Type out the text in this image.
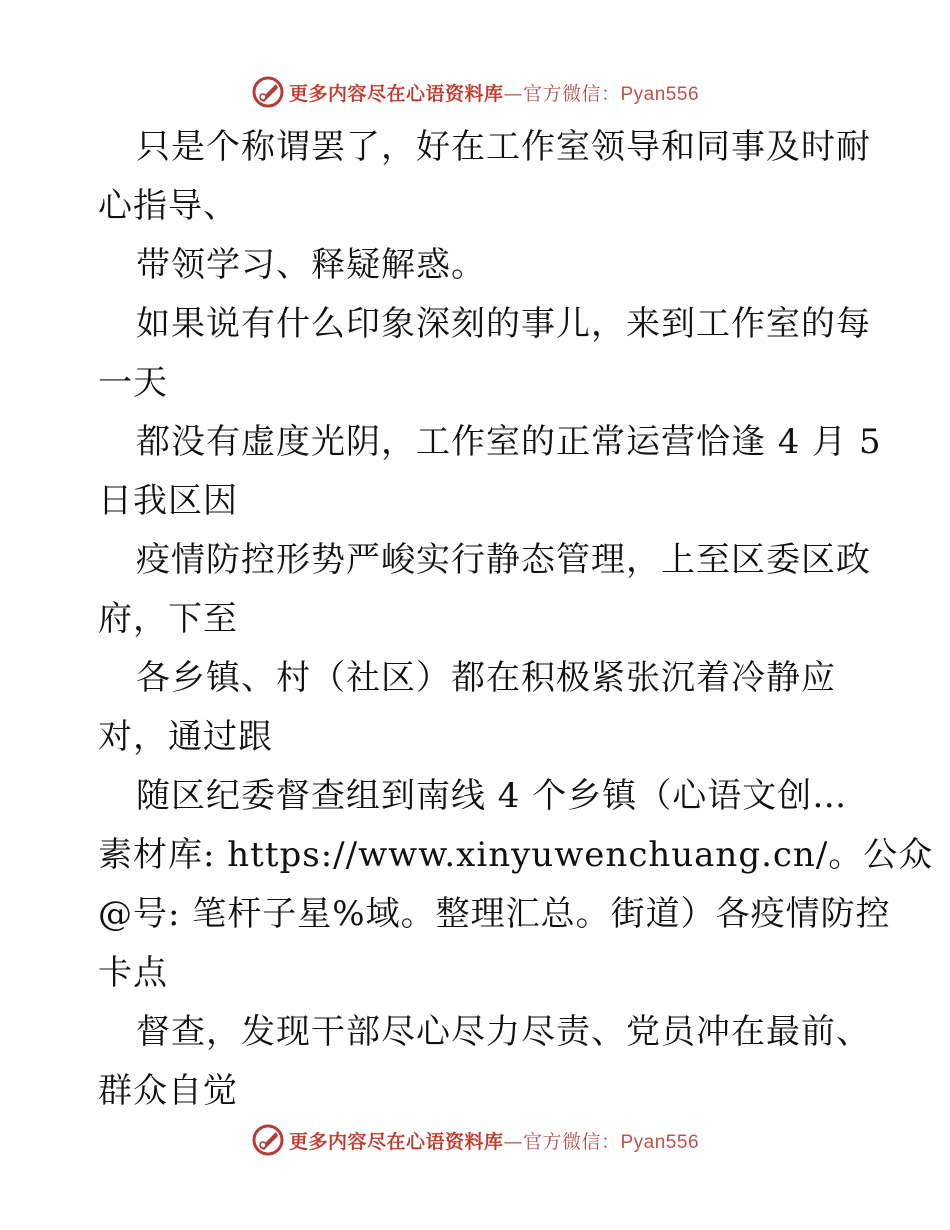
更多内容尽在心语资料库—官方微信：Pyan556
只是个称谓罢了，好在工作室领导和同事及时耐
心指导、
带领学习、释疑解惑。
如果说有什么印象深刻的事儿，来到工作室的每
一天
都没有虚度光阴，工作室的正常运营恰逢 4 月 5
日我区因
疫情防控形势严峻实行静态管理，上至区委区政
府，下至
各乡镇、村（社区）都在积极紧张沉着冷静应
对，通过跟
随区纪委督查组到南线 4 个乡镇（心语文创…
素材库: https://www.xinyuwenchuang.cn/。公众
@号: 笔杆子星%域。整理汇总。街道）各疫情防控
卡点
督查，发现干部尽心尽力尽责、党员冲在最前、
群众自觉
更多内容尽在心语资料库—官方微信：Pyan556
